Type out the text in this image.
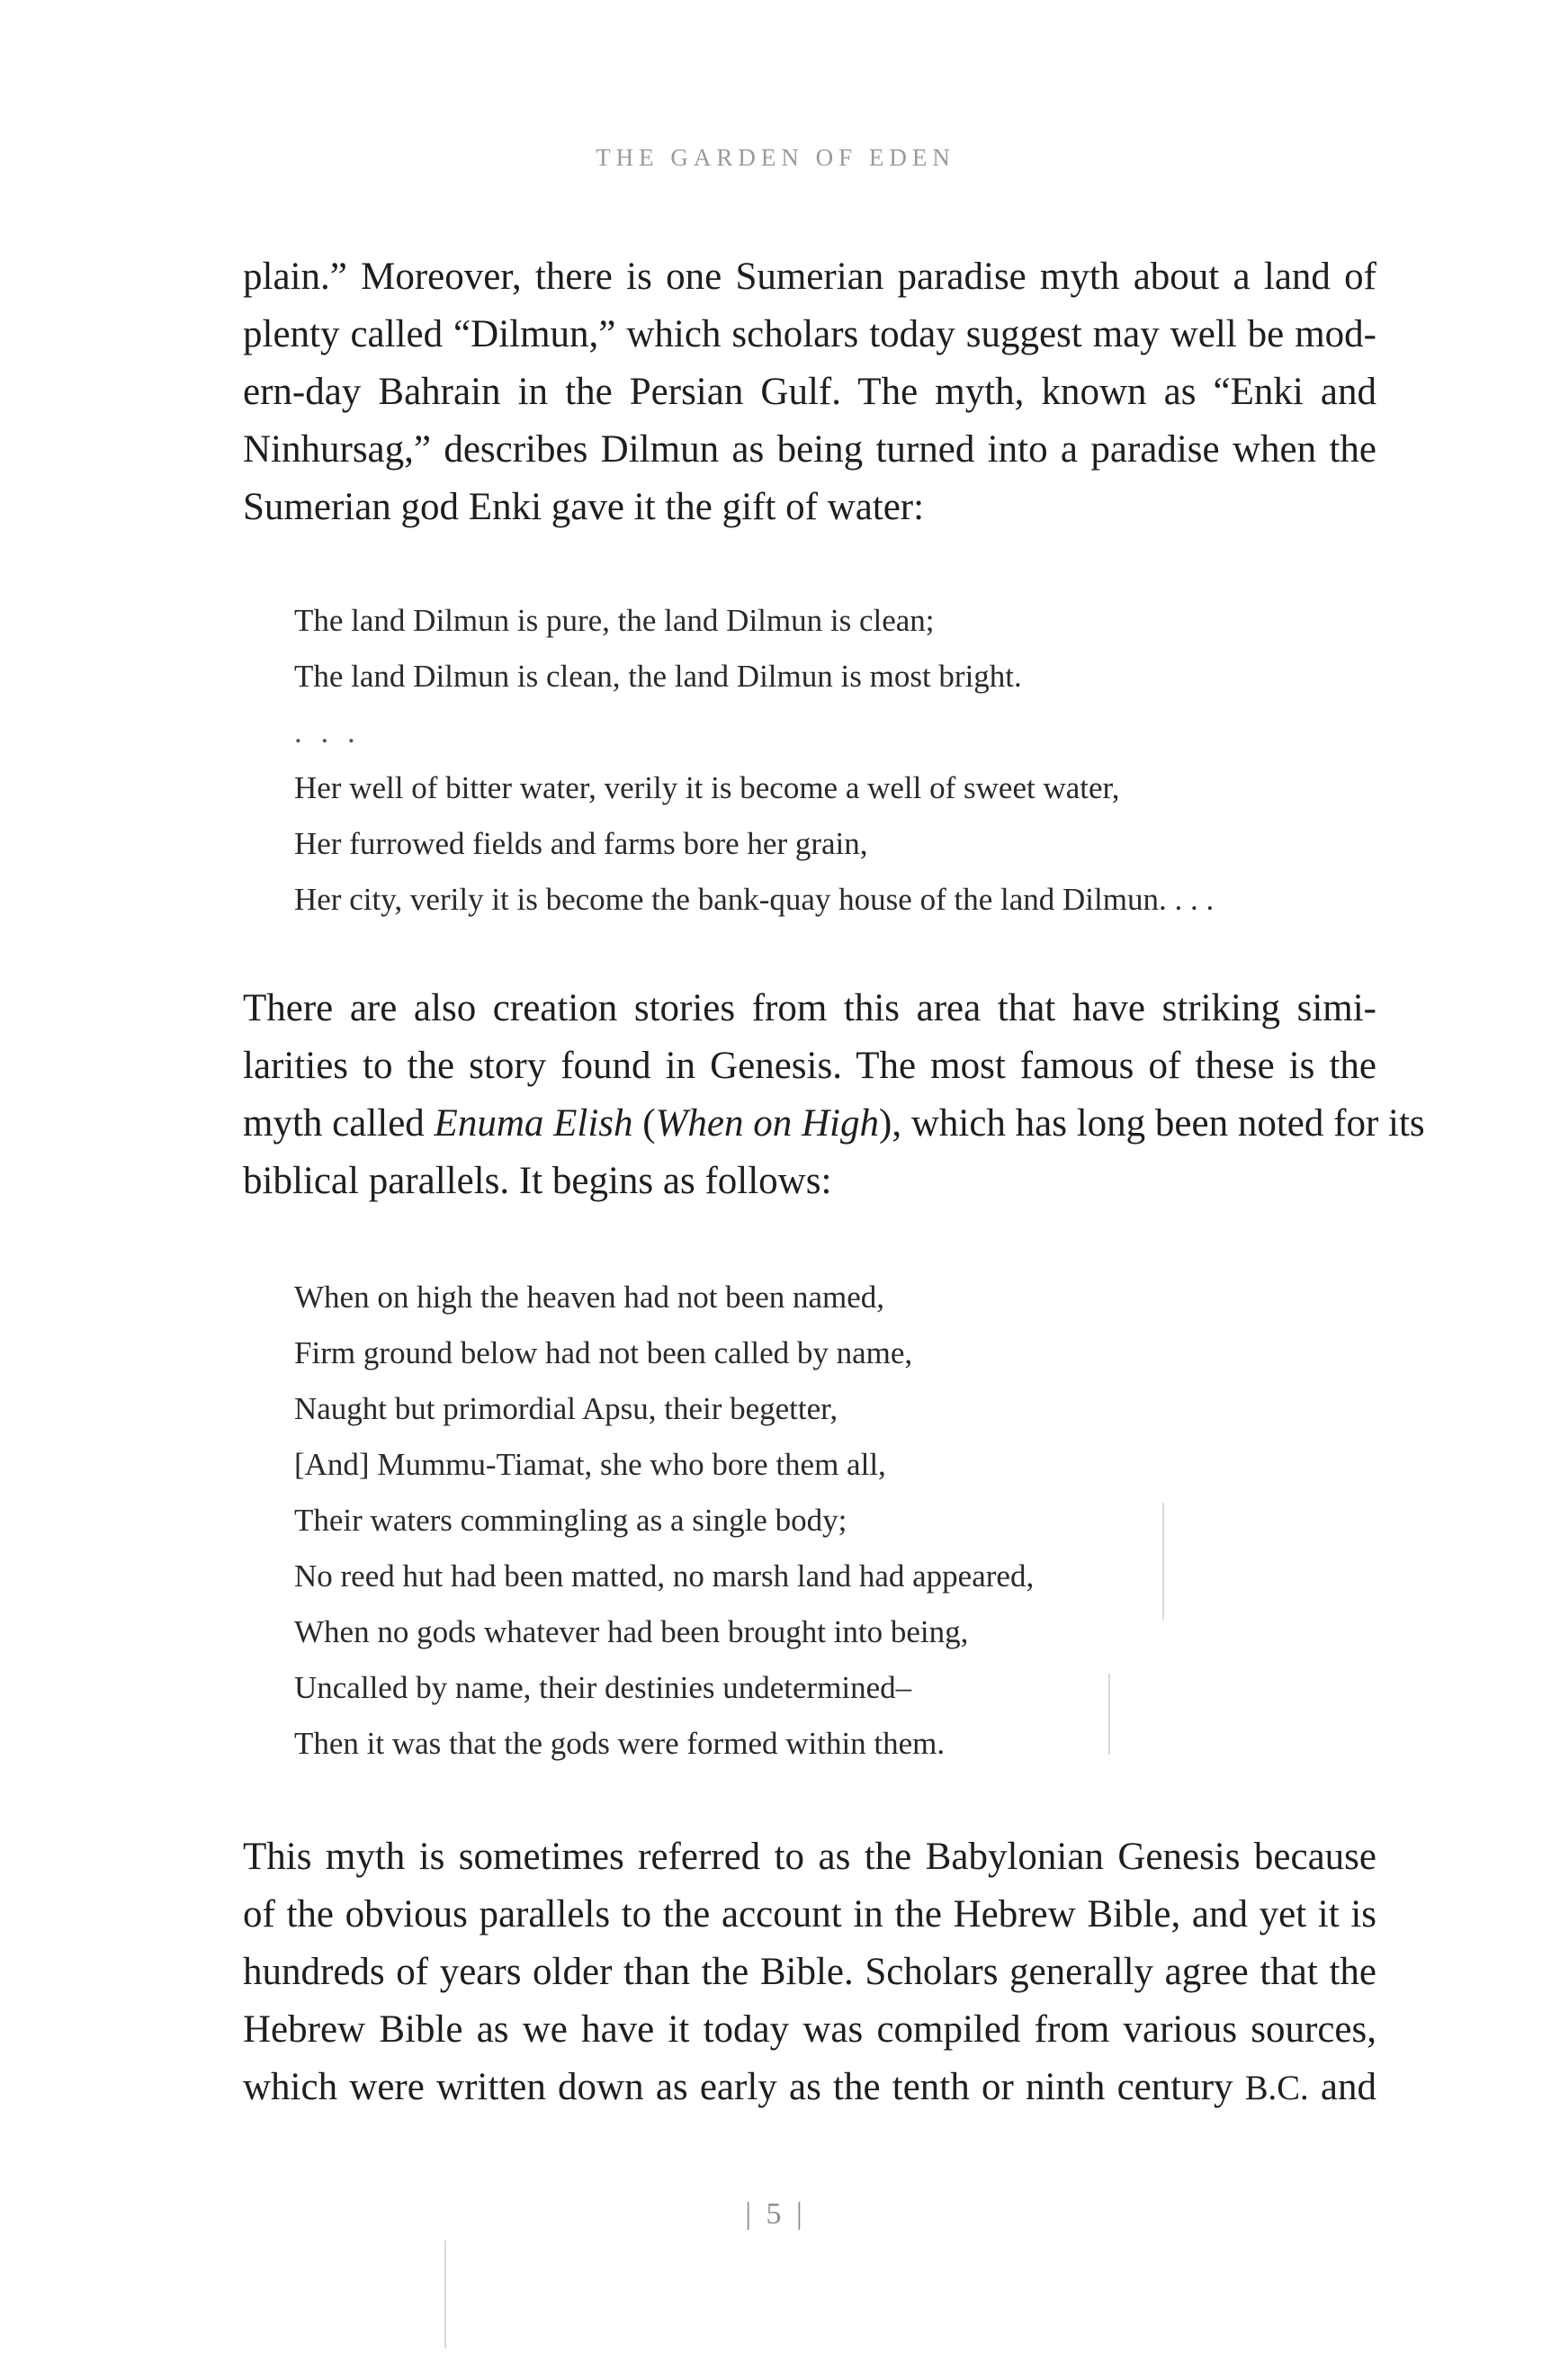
THE GARDEN OF EDEN

plain.” Moreover, there is one Sumerian paradise myth about a land of
plenty called “Dilmun,” which scholars today suggest may well be mod-
ern-day Bahrain in the Persian Gulf. The myth, known as “Enki and
Ninhursag,” describes Dilmun as being turned into a paradise when the
Sumerian god Enki gave it the gift of water:

The land Dilmun is pure, the land Dilmun is clean;
The land Dilmun is clean, the land Dilmun is most bright.
. . .
Her well of bitter water, verily it is become a well of sweet water,
Her furrowed fields and farms bore her grain,
Her city, verily it is become the bank-quay house of the land Dilmun. . . .

There are also creation stories from this area that have striking simi-
larities to the story found in Genesis. The most famous of these is the
myth called Enuma Elish (When on High), which has long been noted for its
biblical parallels. It begins as follows:

When on high the heaven had not been named,
Firm ground below had not been called by name,
Naught but primordial Apsu, their begetter,
[And] Mummu-Tiamat, she who bore them all,
Their waters commingling as a single body;
No reed hut had been matted, no marsh land had appeared,
When no gods whatever had been brought into being,
Uncalled by name, their destinies undetermined–
Then it was that the gods were formed within them.

This myth is sometimes referred to as the Babylonian Genesis because
of the obvious parallels to the account in the Hebrew Bible, and yet it is
hundreds of years older than the Bible. Scholars generally agree that the
Hebrew Bible as we have it today was compiled from various sources,
which were written down as early as the tenth or ninth century B.C. and

| 5 |
